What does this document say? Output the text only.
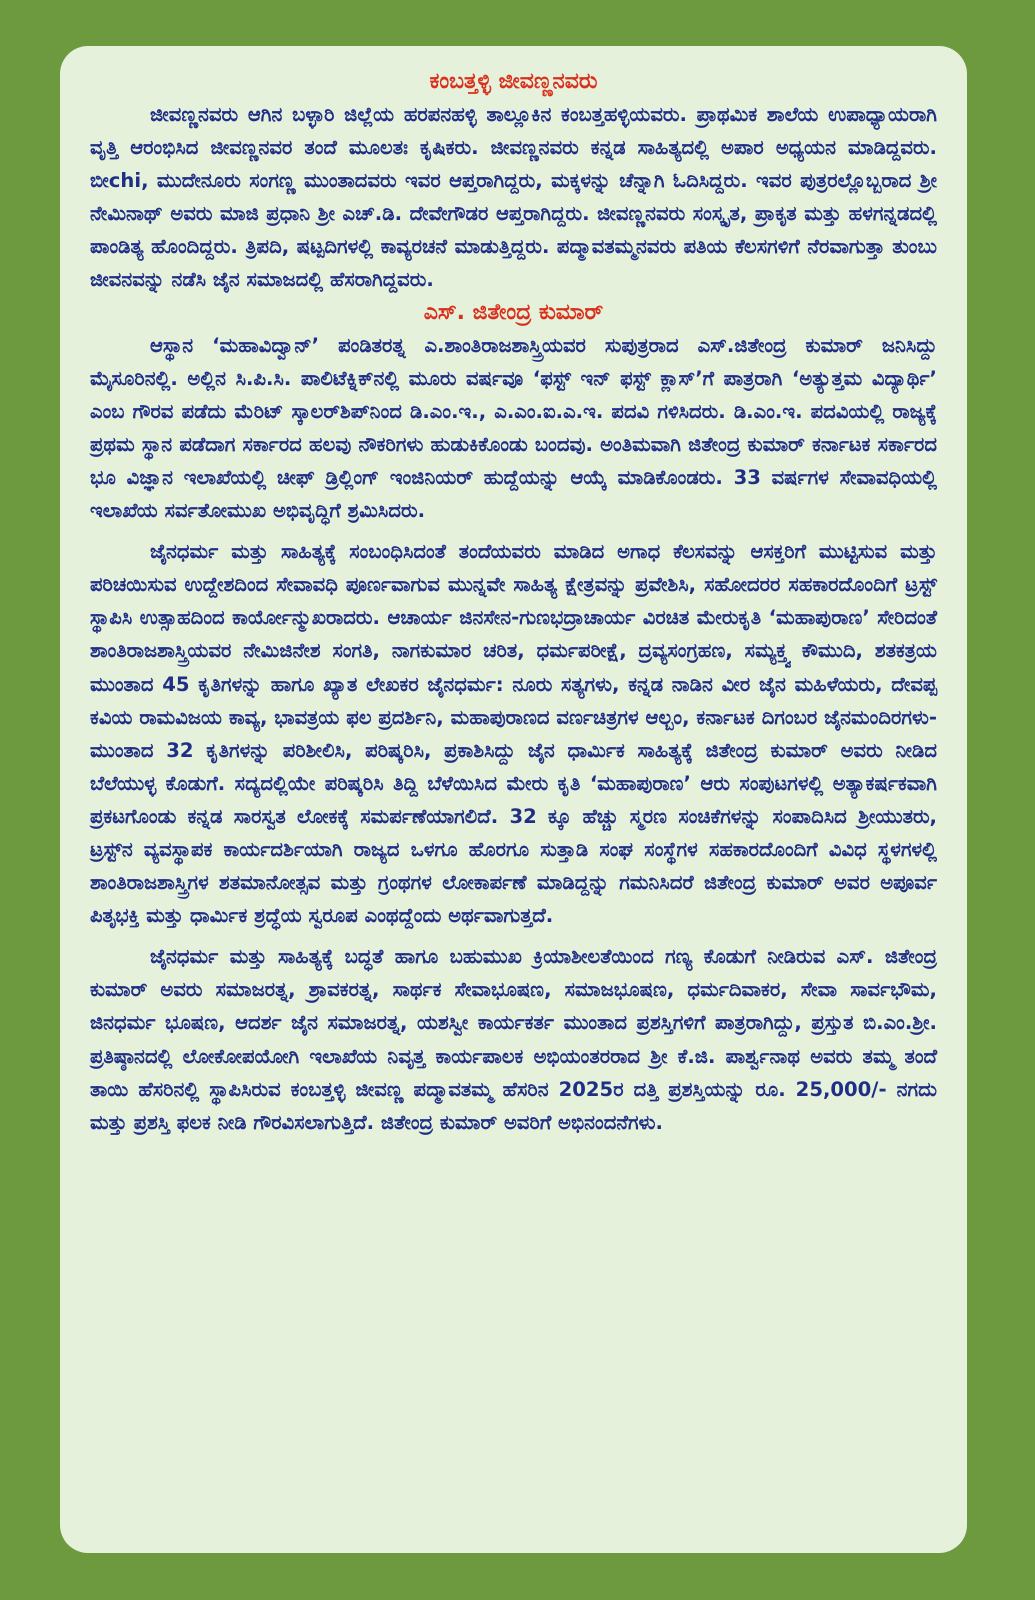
ಕಂಬತ್ತಳ್ಳಿ ಜೀವಣ್ಣನವರು

ಜೀವಣ್ಣನವರು ಆಗಿನ ಬಳ್ಳಾರಿ ಜಿಲ್ಲೆಯ ಹರಪನಹಳ್ಳಿ ತಾಲ್ಲೂಕಿನ ಕಂಬತ್ತಹಳ್ಳಿಯವರು. ಪ್ರಾಥಮಿಕ ಶಾಲೆಯ ಉಪಾಧ್ಯಾಯರಾಗಿ ವೃತ್ತಿ ಆರಂಭಿಸಿದ ಜೀವಣ್ಣನವರ ತಂದೆ ಮೂಲತಃ ಕೃಷಿಕರು. ಜೀವಣ್ಣನವರು ಕನ್ನಡ ಸಾಹಿತ್ಯದಲ್ಲಿ ಅಪಾರ ಅಧ್ಯಯನ ಮಾಡಿದ್ದವರು. ಬೀchi, ಮುದೇನೂರು ಸಂಗಣ್ಣ ಮುಂತಾದವರು ಇವರ ಆಪ್ತರಾಗಿದ್ದರು, ಮಕ್ಕಳನ್ನು ಚೆನ್ನಾಗಿ ಓದಿಸಿದ್ದರು. ಇವರ ಪುತ್ರರಲ್ಲೊಬ್ಬರಾದ ಶ್ರೀ ನೇಮಿನಾಥ್ ಅವರು ಮಾಜಿ ಪ್ರಧಾನಿ ಶ್ರೀ ಎಚ್.ಡಿ. ದೇವೇಗೌಡರ ಆಪ್ತರಾಗಿದ್ದರು. ಜೀವಣ್ಣನವರು ಸಂಸ್ಕೃತ, ಪ್ರಾಕೃತ ಮತ್ತು ಹಳಗನ್ನಡದಲ್ಲಿ ಪಾಂಡಿತ್ಯ ಹೊಂದಿದ್ದರು. ತ್ರಿಪದಿ, ಷಟ್ಪದಿಗಳಲ್ಲಿ ಕಾವ್ಯರಚನೆ ಮಾಡುತ್ತಿದ್ದರು. ಪದ್ಮಾವತಮ್ಮನವರು ಪತಿಯ ಕೆಲಸಗಳಿಗೆ ನೆರವಾಗುತ್ತಾ ತುಂಬು ಜೀವನವನ್ನು ನಡೆಸಿ ಜೈನ ಸಮಾಜದಲ್ಲಿ ಹೆಸರಾಗಿದ್ದವರು.

ಎಸ್. ಜಿತೇಂದ್ರ ಕುಮಾರ್

ಆಸ್ಥಾನ ‘ಮಹಾವಿದ್ವಾನ್’ ಪಂಡಿತರತ್ನ ಎ.ಶಾಂತಿರಾಜಶಾಸ್ತ್ರಿಯವರ ಸುಪುತ್ರರಾದ ಎಸ್.ಜಿತೇಂದ್ರ ಕುಮಾರ್ ಜನಿಸಿದ್ದು ಮೈಸೂರಿನಲ್ಲಿ. ಅಲ್ಲಿನ ಸಿ.ಪಿ.ಸಿ. ಪಾಲಿಟೆಕ್ನಿಕ್‌ನಲ್ಲಿ ಮೂರು ವರ್ಷವೂ ‘ಫಸ್ಟ್ ಇನ್ ಫಸ್ಟ್ ಕ್ಲಾಸ್’ಗೆ ಪಾತ್ರರಾಗಿ ‘ಅತ್ಯುತ್ತಮ ವಿದ್ಯಾರ್ಥಿ’ ಎಂಬ ಗೌರವ ಪಡೆದು ಮೆರಿಟ್ ಸ್ಕಾಲರ್‌ಶಿಪ್‌ನಿಂದ ಡಿ.ಎಂ.ಇ., ಎ.ಎಂ.ಐ.ಎ.ಇ. ಪದವಿ ಗಳಿಸಿದರು. ಡಿ.ಎಂ.ಇ. ಪದವಿಯಲ್ಲಿ ರಾಜ್ಯಕ್ಕೆ ಪ್ರಥಮ ಸ್ಥಾನ ಪಡೆದಾಗ ಸರ್ಕಾರದ ಹಲವು ನೌಕರಿಗಳು ಹುಡುಕಿಕೊಂಡು ಬಂದವು. ಅಂತಿಮವಾಗಿ ಜಿತೇಂದ್ರ ಕುಮಾರ್ ಕರ್ನಾಟಕ ಸರ್ಕಾರದ ಭೂ ವಿಜ್ಞಾನ ಇಲಾಖೆಯಲ್ಲಿ ಚೀಫ್ ಡ್ರಿಲ್ಲಿಂಗ್ ಇಂಜಿನಿಯರ್ ಹುದ್ದೆಯನ್ನು ಆಯ್ಕೆ ಮಾಡಿಕೊಂಡರು. 33 ವರ್ಷಗಳ ಸೇವಾವಧಿಯಲ್ಲಿ ಇಲಾಖೆಯ ಸರ್ವತೋಮುಖ ಅಭಿವೃದ್ಧಿಗೆ ಶ್ರಮಿಸಿದರು.

ಜೈನಧರ್ಮ ಮತ್ತು ಸಾಹಿತ್ಯಕ್ಕೆ ಸಂಬಂಧಿಸಿದಂತೆ ತಂದೆಯವರು ಮಾಡಿದ ಅಗಾಧ ಕೆಲಸವನ್ನು ಆಸಕ್ತರಿಗೆ ಮುಟ್ಟಿಸುವ ಮತ್ತು ಪರಿಚಯಿಸುವ ಉದ್ದೇಶದಿಂದ ಸೇವಾವಧಿ ಪೂರ್ಣವಾಗುವ ಮುನ್ನವೇ ಸಾಹಿತ್ಯ ಕ್ಷೇತ್ರವನ್ನು ಪ್ರವೇಶಿಸಿ, ಸಹೋದರರ ಸಹಕಾರದೊಂದಿಗೆ ಟ್ರಸ್ಟ್ ಸ್ಥಾಪಿಸಿ ಉತ್ಸಾಹದಿಂದ ಕಾರ್ಯೋನ್ಮುಖರಾದರು. ಆಚಾರ್ಯ ಜಿನಸೇನ-ಗುಣಭದ್ರಾಚಾರ್ಯ ವಿರಚಿತ ಮೇರುಕೃತಿ ‘ಮಹಾಪುರಾಣ’ ಸೇರಿದಂತೆ ಶಾಂತಿರಾಜಶಾಸ್ತ್ರಿಯವರ ನೇಮಿಜಿನೇಶ ಸಂಗತಿ, ನಾಗಕುಮಾರ ಚರಿತ, ಧರ್ಮಪರೀಕ್ಷೆ, ದ್ರವ್ಯಸಂಗ್ರಹಣ, ಸಮ್ಯಕ್ತ್ವ ಕೌಮುದಿ, ಶತಕತ್ರಯ ಮುಂತಾದ 45 ಕೃತಿಗಳನ್ನು ಹಾಗೂ ಖ್ಯಾತ ಲೇಖಕರ ಜೈನಧರ್ಮ: ನೂರು ಸತ್ಯಗಳು, ಕನ್ನಡ ನಾಡಿನ ವೀರ ಜೈನ ಮಹಿಳೆಯರು, ದೇವಪ್ಪ ಕವಿಯ ರಾಮವಿಜಯ ಕಾವ್ಯ, ಭಾವತ್ರಯ ಫಲ ಪ್ರದರ್ಶಿನಿ, ಮಹಾಪುರಾಣದ ವರ್ಣಚಿತ್ರಗಳ ಆಲ್ಬಂ, ಕರ್ನಾಟಕ ದಿಗಂಬರ ಜೈನಮಂದಿರಗಳು-ಮುಂತಾದ 32 ಕೃತಿಗಳನ್ನು ಪರಿಶೀಲಿಸಿ, ಪರಿಷ್ಕರಿಸಿ, ಪ್ರಕಾಶಿಸಿದ್ದು ಜೈನ ಧಾರ್ಮಿಕ ಸಾಹಿತ್ಯಕ್ಕೆ ಜಿತೇಂದ್ರ ಕುಮಾರ್ ಅವರು ನೀಡಿದ ಬೆಲೆಯುಳ್ಳ ಕೊಡುಗೆ. ಸದ್ಯದಲ್ಲಿಯೇ ಪರಿಷ್ಕರಿಸಿ ತಿದ್ದಿ ಬೆಳೆಯಿಸಿದ ಮೇರು ಕೃತಿ ‘ಮಹಾಪುರಾಣ’ ಆರು ಸಂಪುಟಗಳಲ್ಲಿ ಅತ್ಯಾಕರ್ಷಕವಾಗಿ ಪ್ರಕಟಗೊಂಡು ಕನ್ನಡ ಸಾರಸ್ವತ ಲೋಕಕ್ಕೆ ಸಮರ್ಪಣೆಯಾಗಲಿದೆ. 32 ಕ್ಕೂ ಹೆಚ್ಚು ಸ್ಮರಣ ಸಂಚಿಕೆಗಳನ್ನು ಸಂಪಾದಿಸಿದ ಶ್ರೀಯುತರು, ಟ್ರಸ್ಟ್‌ನ ವ್ಯವಸ್ಥಾಪಕ ಕಾರ್ಯದರ್ಶಿಯಾಗಿ ರಾಜ್ಯದ ಒಳಗೂ ಹೊರಗೂ ಸುತ್ತಾಡಿ ಸಂಘ ಸಂಸ್ಥೆಗಳ ಸಹಕಾರದೊಂದಿಗೆ ವಿವಿಧ ಸ್ಥಳಗಳಲ್ಲಿ ಶಾಂತಿರಾಜಶಾಸ್ತ್ರಿಗಳ ಶತಮಾನೋತ್ಸವ ಮತ್ತು ಗ್ರಂಥಗಳ ಲೋಕಾರ್ಪಣೆ ಮಾಡಿದ್ದನ್ನು ಗಮನಿಸಿದರೆ ಜಿತೇಂದ್ರ ಕುಮಾರ್ ಅವರ ಅಪೂರ್ವ ಪಿತೃಭಕ್ತಿ ಮತ್ತು ಧಾರ್ಮಿಕ ಶ್ರದ್ಧೆಯ ಸ್ವರೂಪ ಎಂಥದ್ದೆಂದು ಅರ್ಥವಾಗುತ್ತದೆ.

ಜೈನಧರ್ಮ ಮತ್ತು ಸಾಹಿತ್ಯಕ್ಕೆ ಬದ್ಧತೆ ಹಾಗೂ ಬಹುಮುಖ ಕ್ರಿಯಾಶೀಲತೆಯಿಂದ ಗಣ್ಯ ಕೊಡುಗೆ ನೀಡಿರುವ ಎಸ್. ಜಿತೇಂದ್ರ ಕುಮಾರ್ ಅವರು ಸಮಾಜರತ್ನ, ಶ್ರಾವಕರತ್ನ, ಸಾರ್ಥಕ ಸೇವಾಭೂಷಣ, ಸಮಾಜಭೂಷಣ, ಧರ್ಮದಿವಾಕರ, ಸೇವಾ ಸಾರ್ವಭೌಮ, ಜಿನಧರ್ಮ ಭೂಷಣ, ಆದರ್ಶ ಜೈನ ಸಮಾಜರತ್ನ, ಯಶಸ್ವೀ ಕಾರ್ಯಕರ್ತ ಮುಂತಾದ ಪ್ರಶಸ್ತಿಗಳಿಗೆ ಪಾತ್ರರಾಗಿದ್ದು, ಪ್ರಸ್ತುತ ಬಿ.ಎಂ.ಶ್ರೀ. ಪ್ರತಿಷ್ಠಾನದಲ್ಲಿ ಲೋಕೋಪಯೋಗಿ ಇಲಾಖೆಯ ನಿವೃತ್ತ ಕಾರ್ಯಪಾಲಕ ಅಭಿಯಂತರರಾದ ಶ್ರೀ ಕೆ.ಜಿ. ಪಾರ್ಶ್ವನಾಥ ಅವರು ತಮ್ಮ ತಂದೆ ತಾಯಿ ಹೆಸರಿನಲ್ಲಿ ಸ್ಥಾಪಿಸಿರುವ ಕಂಬತ್ತಳ್ಳಿ ಜೀವಣ್ಣ ಪದ್ಮಾವತಮ್ಮ ಹೆಸರಿನ 2025ರ ದತ್ತಿ ಪ್ರಶಸ್ತಿಯನ್ನು ರೂ. 25,000/- ನಗದು ಮತ್ತು ಪ್ರಶಸ್ತಿ ಫಲಕ ನೀಡಿ ಗೌರವಿಸಲಾಗುತ್ತಿದೆ. ಜಿತೇಂದ್ರ ಕುಮಾರ್ ಅವರಿಗೆ ಅಭಿನಂದನೆಗಳು.
